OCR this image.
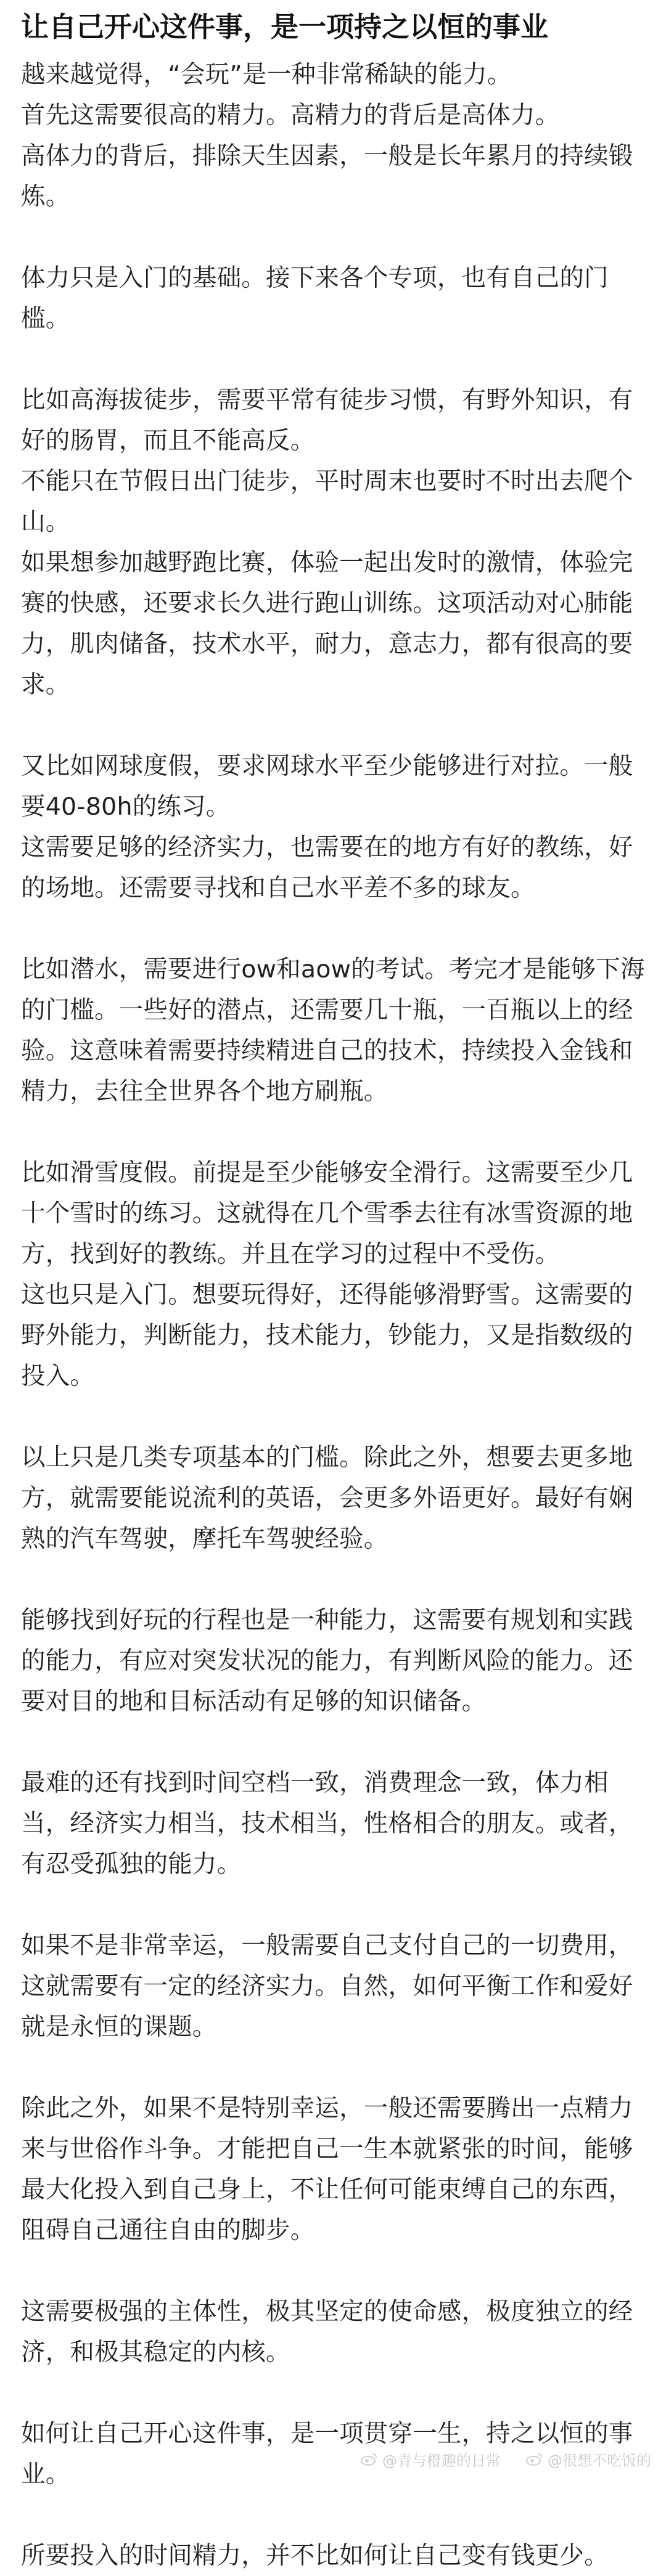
让自己开心这件事，是一项持之以恒的事业

越来越觉得，“会玩”是一种非常稀缺的能力。

首先这需要很高的精力。高精力的背后是高体力。

高体力的背后，排除天生因素，一般是长年累月的持续锻炼。

体力只是入门的基础。接下来各个专项，也有自己的门槛。

比如高海拔徒步，需要平常有徒步习惯，有野外知识，有好的肠胃，而且不能高反。

不能只在节假日出门徒步，平时周末也要时不时出去爬个山。

如果想参加越野跑比赛，体验一起出发时的激情，体验完赛的快感，还要求长久进行跑山训练。这项活动对心肺能力，肌肉储备，技术水平，耐力，意志力，都有很高的要求。

又比如网球度假，要求网球水平至少能够进行对拉。一般要40-80h的练习。

这需要足够的经济实力，也需要在的地方有好的教练，好的场地。还需要寻找和自己水平差不多的球友。

比如潜水，需要进行ow和aow的考试。考完才是能够下海的门槛。一些好的潜点，还需要几十瓶，一百瓶以上的经验。这意味着需要持续精进自己的技术，持续投入金钱和精力，去往全世界各个地方刷瓶。

比如滑雪度假。前提是至少能够安全滑行。这需要至少几十个雪时的练习。这就得在几个雪季去往有冰雪资源的地方，找到好的教练。并且在学习的过程中不受伤。

这也只是入门。想要玩得好，还得能够滑野雪。这需要的野外能力，判断能力，技术能力，钞能力，又是指数级的投入。

以上只是几类专项基本的门槛。除此之外，想要去更多地方，就需要能说流利的英语，会更多外语更好。最好有娴熟的汽车驾驶，摩托车驾驶经验。

能够找到好玩的行程也是一种能力，这需要有规划和实践的能力，有应对突发状况的能力，有判断风险的能力。还要对目的地和目标活动有足够的知识储备。

最难的还有找到时间空档一致，消费理念一致，体力相当，经济实力相当，技术相当，性格相合的朋友。或者，有忍受孤独的能力。

如果不是非常幸运，一般需要自己支付自己的一切费用，这就需要有一定的经济实力。自然，如何平衡工作和爱好就是永恒的课题。

除此之外，如果不是特别幸运，一般还需要腾出一点精力来与世俗作斗争。才能把自己一生本就紧张的时间，能够最大化投入到自己身上，不让任何可能束缚自己的东西，阻碍自己通往自由的脚步。

这需要极强的主体性，极其坚定的使命感，极度独立的经济，和极其稳定的内核。

如何让自己开心这件事，是一项贯穿一生，持之以恒的事业。

所要投入的时间精力，并不比如何让自己变有钱更少。

@青与橙趣的日常	@很想不吃饭的
